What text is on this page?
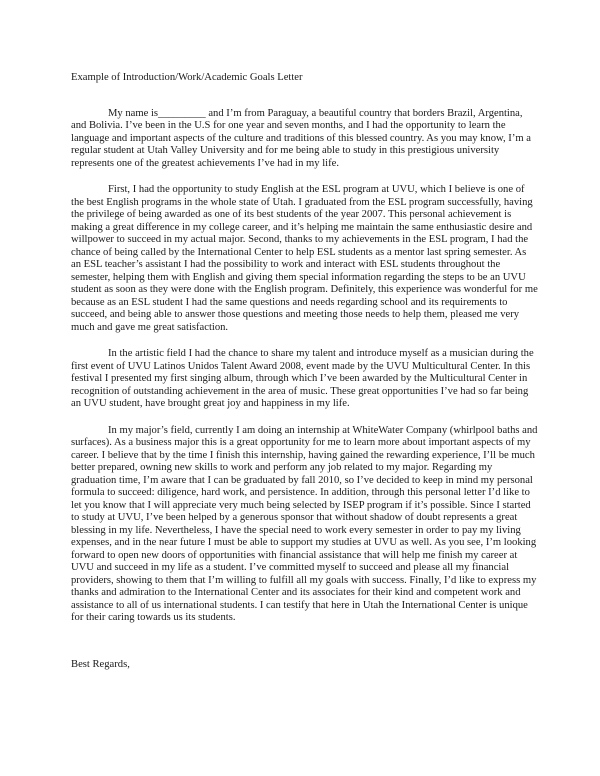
Example of Introduction/Work/Academic Goals Letter

My name is_________ and I’m from Paraguay, a beautiful country that borders Brazil, Argentina, and Bolivia. I’ve been in the U.S for one year and seven months, and I had the opportunity to learn the language and important aspects of the culture and traditions of this blessed country. As you may know, I’m a regular student at Utah Valley University and for me being able to study in this prestigious university represents one of the greatest achievements I’ve had in my life.

First, I had the opportunity to study English at the ESL program at UVU, which I believe is one of the best English programs in the whole state of Utah. I graduated from the ESL program successfully, having the privilege of being awarded as one of its best students of the year 2007. This personal achievement is making a great difference in my college career, and it’s helping me maintain the same enthusiastic desire and willpower to succeed in my actual major. Second, thanks to my achievements in the ESL program, I had the chance of being called by the International Center to help ESL students as a mentor last spring semester. As an ESL teacher’s assistant I had the possibility to work and interact with ESL students throughout the semester, helping them with English and giving them special information regarding the steps to be an UVU student as soon as they were done with the English program. Definitely, this experience was wonderful for me because as an ESL student I had the same questions and needs regarding school and its requirements to succeed, and being able to answer those questions and meeting those needs to help them, pleased me very much and gave me great satisfaction.

In the artistic field I had the chance to share my talent and introduce myself as a musician during the first event of UVU Latinos Unidos Talent Award 2008, event made by the UVU Multicultural Center. In this festival I presented my first singing album, through which I’ve been awarded by the Multicultural Center in recognition of outstanding achievement in the area of music. These great opportunities I’ve had so far being an UVU student, have brought great joy and happiness in my life.

In my major’s field, currently I am doing an internship at WhiteWater Company (whirlpool baths and surfaces). As a business major this is a great opportunity for me to learn more about important aspects of my career. I believe that by the time I finish this internship, having gained the rewarding experience, I’ll be much better prepared, owning new skills to work and perform any job related to my major. Regarding my graduation time, I’m aware that I can be graduated by fall 2010, so I’ve decided to keep in mind my personal formula to succeed: diligence, hard work, and persistence. In addition, through this personal letter I’d like to let you know that I will appreciate very much being selected by ISEP program if it’s possible. Since I started to study at UVU, I’ve been helped by a generous sponsor that without shadow of doubt represents a great blessing in my life. Nevertheless, I have the special need to work every semester in order to pay my living expenses, and in the near future I must be able to support my studies at UVU as well. As you see, I’m looking forward to open new doors of opportunities with financial assistance that will help me finish my career at UVU and succeed in my life as a student. I’ve committed myself to succeed and please all my financial providers, showing to them that I’m willing to fulfill all my goals with success. Finally, I’d like to express my thanks and admiration to the International Center and its associates for their kind and competent work and assistance to all of us international students. I can testify that here in Utah the International Center is unique for their caring towards us its students.

Best Regards,
